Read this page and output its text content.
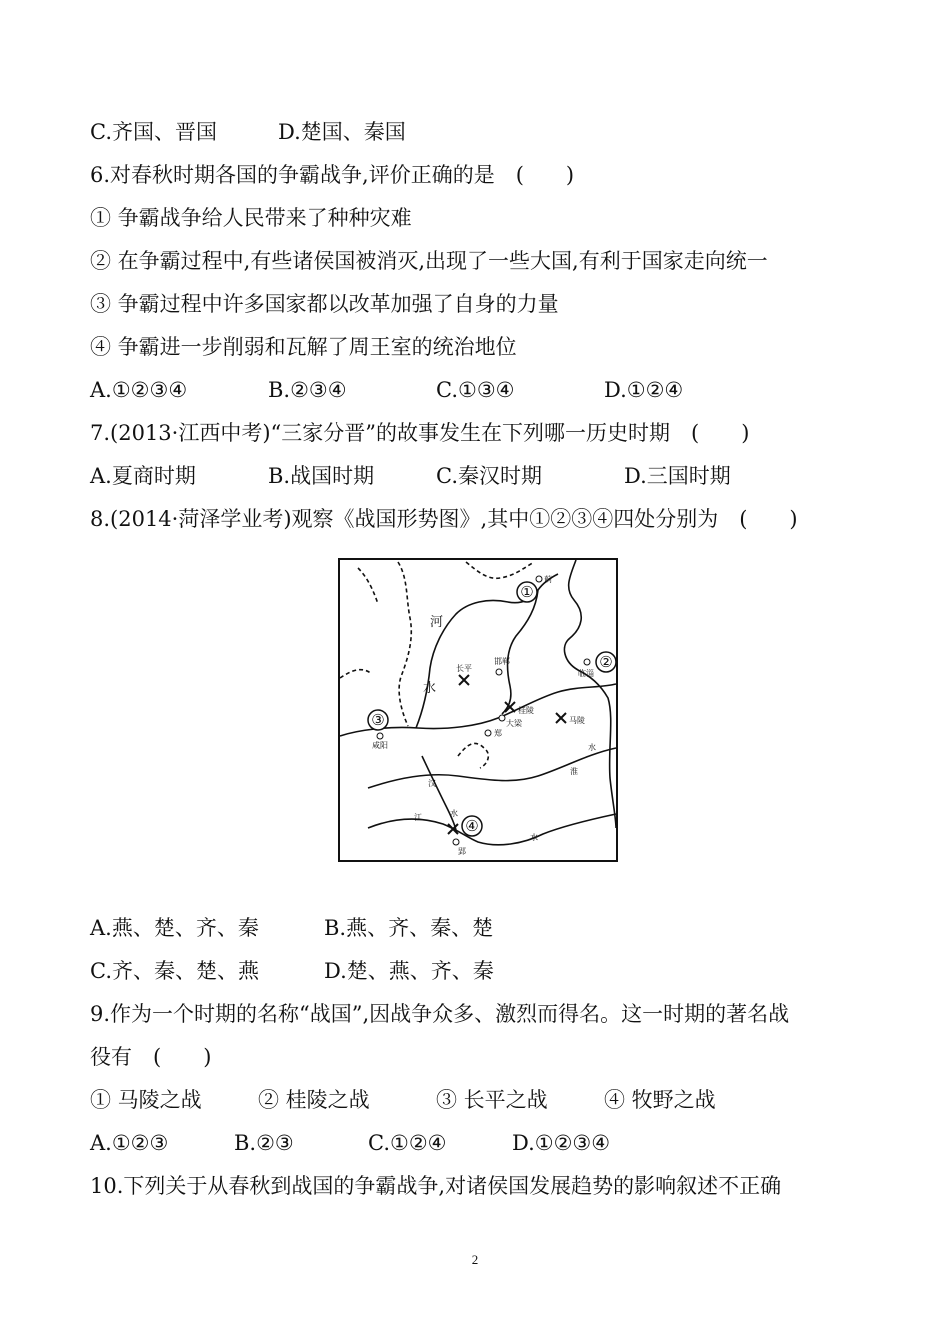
C.齐国、晋国	D.楚国、秦国
6.对春秋时期各国的争霸战争,评价正确的是　(　　)
① 争霸战争给人民带来了种种灾难
② 在争霸过程中,有些诸侯国被消灭,出现了一些大国,有利于国家走向统一
③ 争霸过程中许多国家都以改革加强了自身的力量
④ 争霸进一步削弱和瓦解了周王室的统治地位
A.①②③④	B.②③④	C.①③④	D.①②④
7.(2013·江西中考)“三家分晋”的故事发生在下列哪一历史时期　(　　)
A.夏商时期	B.战国时期	C.秦汉时期	D.三国时期
8.(2014·菏泽学业考)观察《战国形势图》,其中①②③④四处分别为　(　　)
①
②
③
④
蓟
临淄
咸阳
郢
邯郸
大梁
郑
长平
桂陵
马陵
河
水
汉
江	水
淮
水
水
A.燕、楚、齐、秦	B.燕、齐、秦、楚
C.齐、秦、楚、燕	D.楚、燕、齐、秦
9.作为一个时期的名称“战国”,因战争众多、激烈而得名。这一时期的著名战
役有　(　　)
① 马陵之战	② 桂陵之战	③ 长平之战	④ 牧野之战
A.①②③	B.②③	C.①②④	D.①②③④
10.下列关于从春秋到战国的争霸战争,对诸侯国发展趋势的影响叙述不正确
2
